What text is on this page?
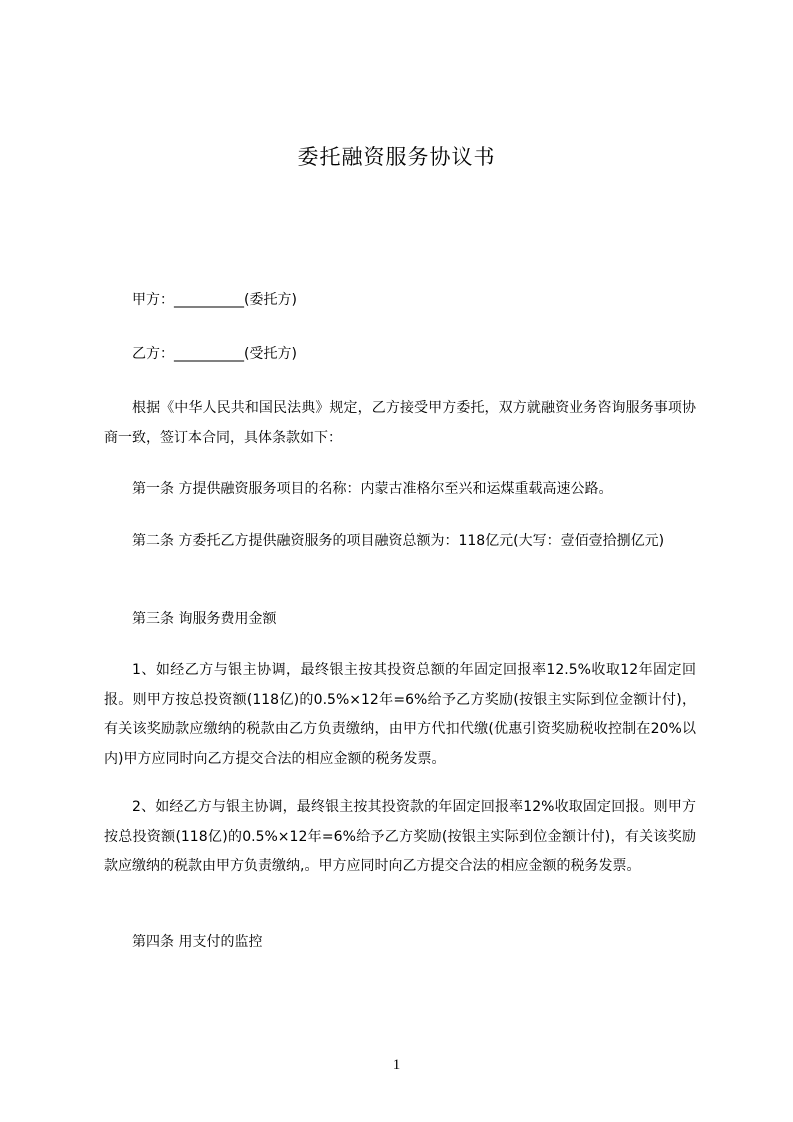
委托融资服务协议书

甲方：__________(委托方)

乙方：__________(受托方)

根据《中华人民共和国民法典》规定，乙方接受甲方委托，双方就融资业务咨询服务事项协商一致，签订本合同，具体条款如下：

第一条 方提供融资服务项目的名称：内蒙古准格尔至兴和运煤重载高速公路。

第二条 方委托乙方提供融资服务的项目融资总额为：118亿元(大写：壹佰壹拾捌亿元)

第三条 询服务费用金额

1、如经乙方与银主协调，最终银主按其投资总额的年固定回报率12.5%收取12年固定回报。则甲方按总投资额(118亿)的0.5%×12年=6%给予乙方奖励(按银主实际到位金额计付)，有关该奖励款应缴纳的税款由乙方负责缴纳，由甲方代扣代缴(优惠引资奖励税收控制在20%以内)甲方应同时向乙方提交合法的相应金额的税务发票。

2、如经乙方与银主协调，最终银主按其投资款的年固定回报率12%收取固定回报。则甲方按总投资额(118亿)的0.5%×12年=6%给予乙方奖励(按银主实际到位金额计付)，有关该奖励款应缴纳的税款由甲方负责缴纳,。甲方应同时向乙方提交合法的相应金额的税务发票。

第四条 用支付的监控

1
